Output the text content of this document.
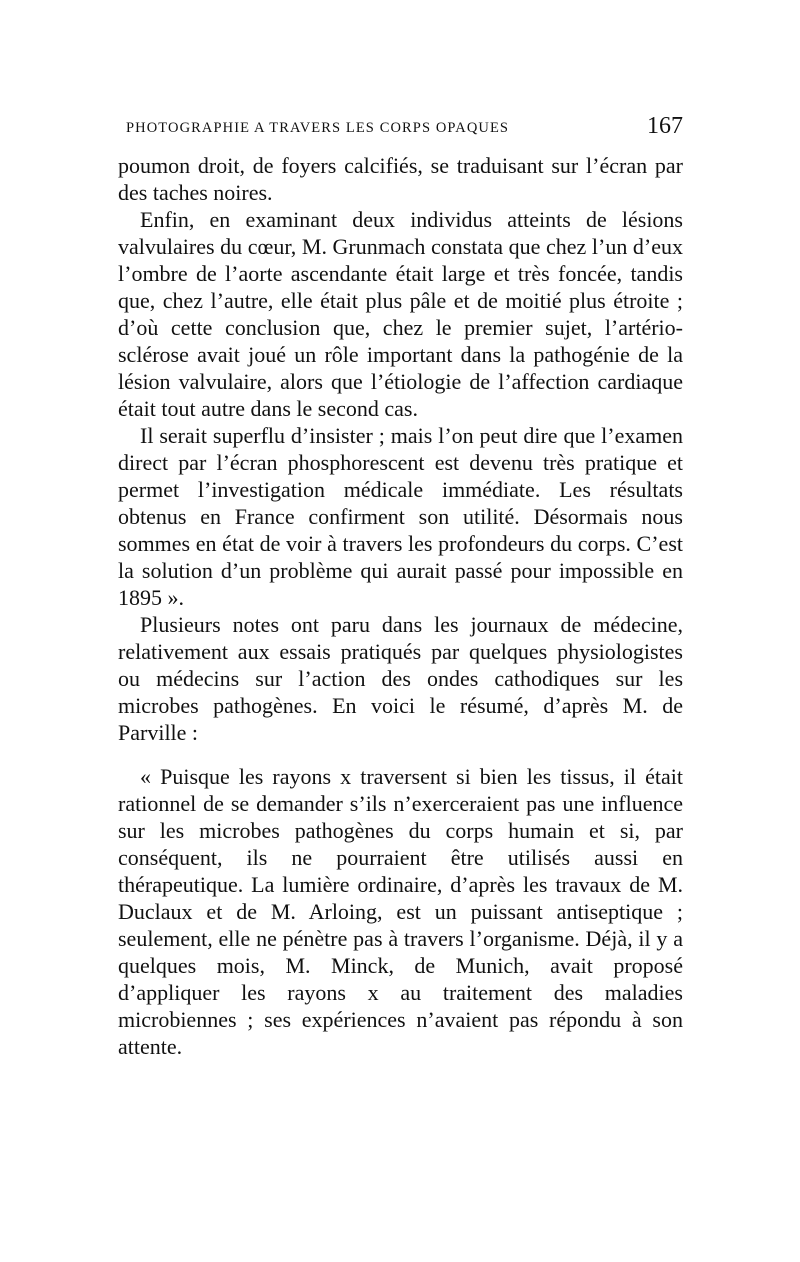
PHOTOGRAPHIE A TRAVERS LES CORPS OPAQUES	167

poumon droit, de foyers calcifiés, se traduisant sur l’écran par des taches noires.

Enfin, en examinant deux individus atteints de lésions valvulaires du cœur, M. Grunmach constata que chez l’un d’eux l’ombre de l’aorte ascendante était large et très foncée, tandis que, chez l’autre, elle était plus pâle et de moitié plus étroite ; d’où cette conclusion que, chez le premier sujet, l’artério-sclérose avait joué un rôle important dans la pathogénie de la lésion valvulaire, alors que l’étiologie de l’affection cardiaque était tout autre dans le second cas.

Il serait superflu d’insister ; mais l’on peut dire que l’examen direct par l’écran phosphorescent est devenu très pratique et permet l’investigation médicale immédiate. Les résultats obtenus en France confirment son utilité. Désormais nous sommes en état de voir à travers les profondeurs du corps. C’est la solution d’un problème qui aurait passé pour impossible en 1895 ».

Plusieurs notes ont paru dans les journaux de médecine, relativement aux essais pratiqués par quelques physiologistes ou médecins sur l’action des ondes cathodiques sur les microbes pathogènes. En voici le résumé, d’après M. de Parville :

« Puisque les rayons x traversent si bien les tissus, il était rationnel de se demander s’ils n’exerceraient pas une influence sur les microbes pathogènes du corps humain et si, par conséquent, ils ne pourraient être utilisés aussi en thérapeutique. La lumière ordinaire, d’après les travaux de M. Duclaux et de M. Arloing, est un puissant antiseptique ; seulement, elle ne pénètre pas à travers l’organisme. Déjà, il y a quelques mois, M. Minck, de Munich, avait proposé d’appliquer les rayons x au traitement des maladies microbiennes ; ses expériences n’avaient pas répondu à son attente.
